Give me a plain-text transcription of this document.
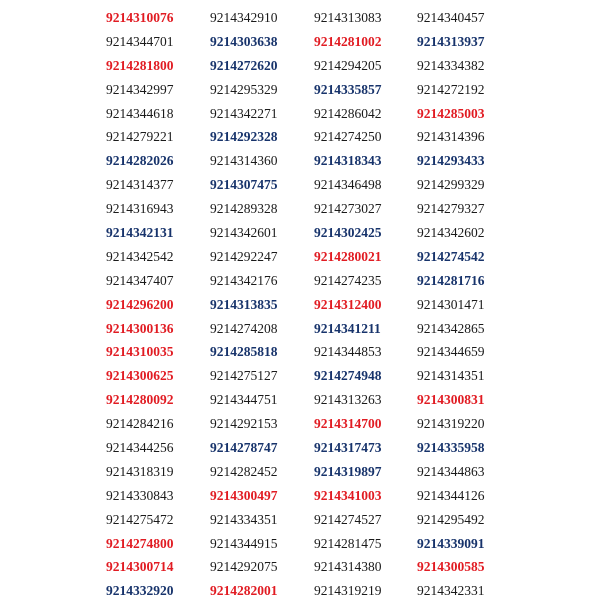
9214310076
9214344701
9214281800
9214342997
9214344618
9214279221
9214282026
9214314377
9214316943
9214342131
9214342542
9214347407
9214296200
9214300136
9214310035
9214300625
9214280092
9214284216
9214344256
9214318319
9214330843
9214275472
9214274800
9214300714
9214332920
9214342910
9214303638
9214272620
9214295329
9214342271
9214292328
9214314360
9214307475
9214289328
9214342601
9214292247
9214342176
9214313835
9214274208
9214285818
9214275127
9214344751
9214292153
9214278747
9214282452
9214300497
9214334351
9214344915
9214292075
9214282001
9214313083
9214281002
9214294205
9214335857
9214286042
9214274250
9214318343
9214346498
9214273027
9214302425
9214280021
9214274235
9214312400
9214341211
9214344853
9214274948
9214313263
9214314700
9214317473
9214319897
9214341003
9214274527
9214281475
9214314380
9214319219
9214340457
9214313937
9214334382
9214272192
9214285003
9214314396
9214293433
9214299329
9214279327
9214342602
9214274542
9214281716
9214301471
9214342865
9214344659
9214314351
9214300831
9214319220
9214335958
9214344863
9214344126
9214295492
9214339091
9214300585
9214342331
